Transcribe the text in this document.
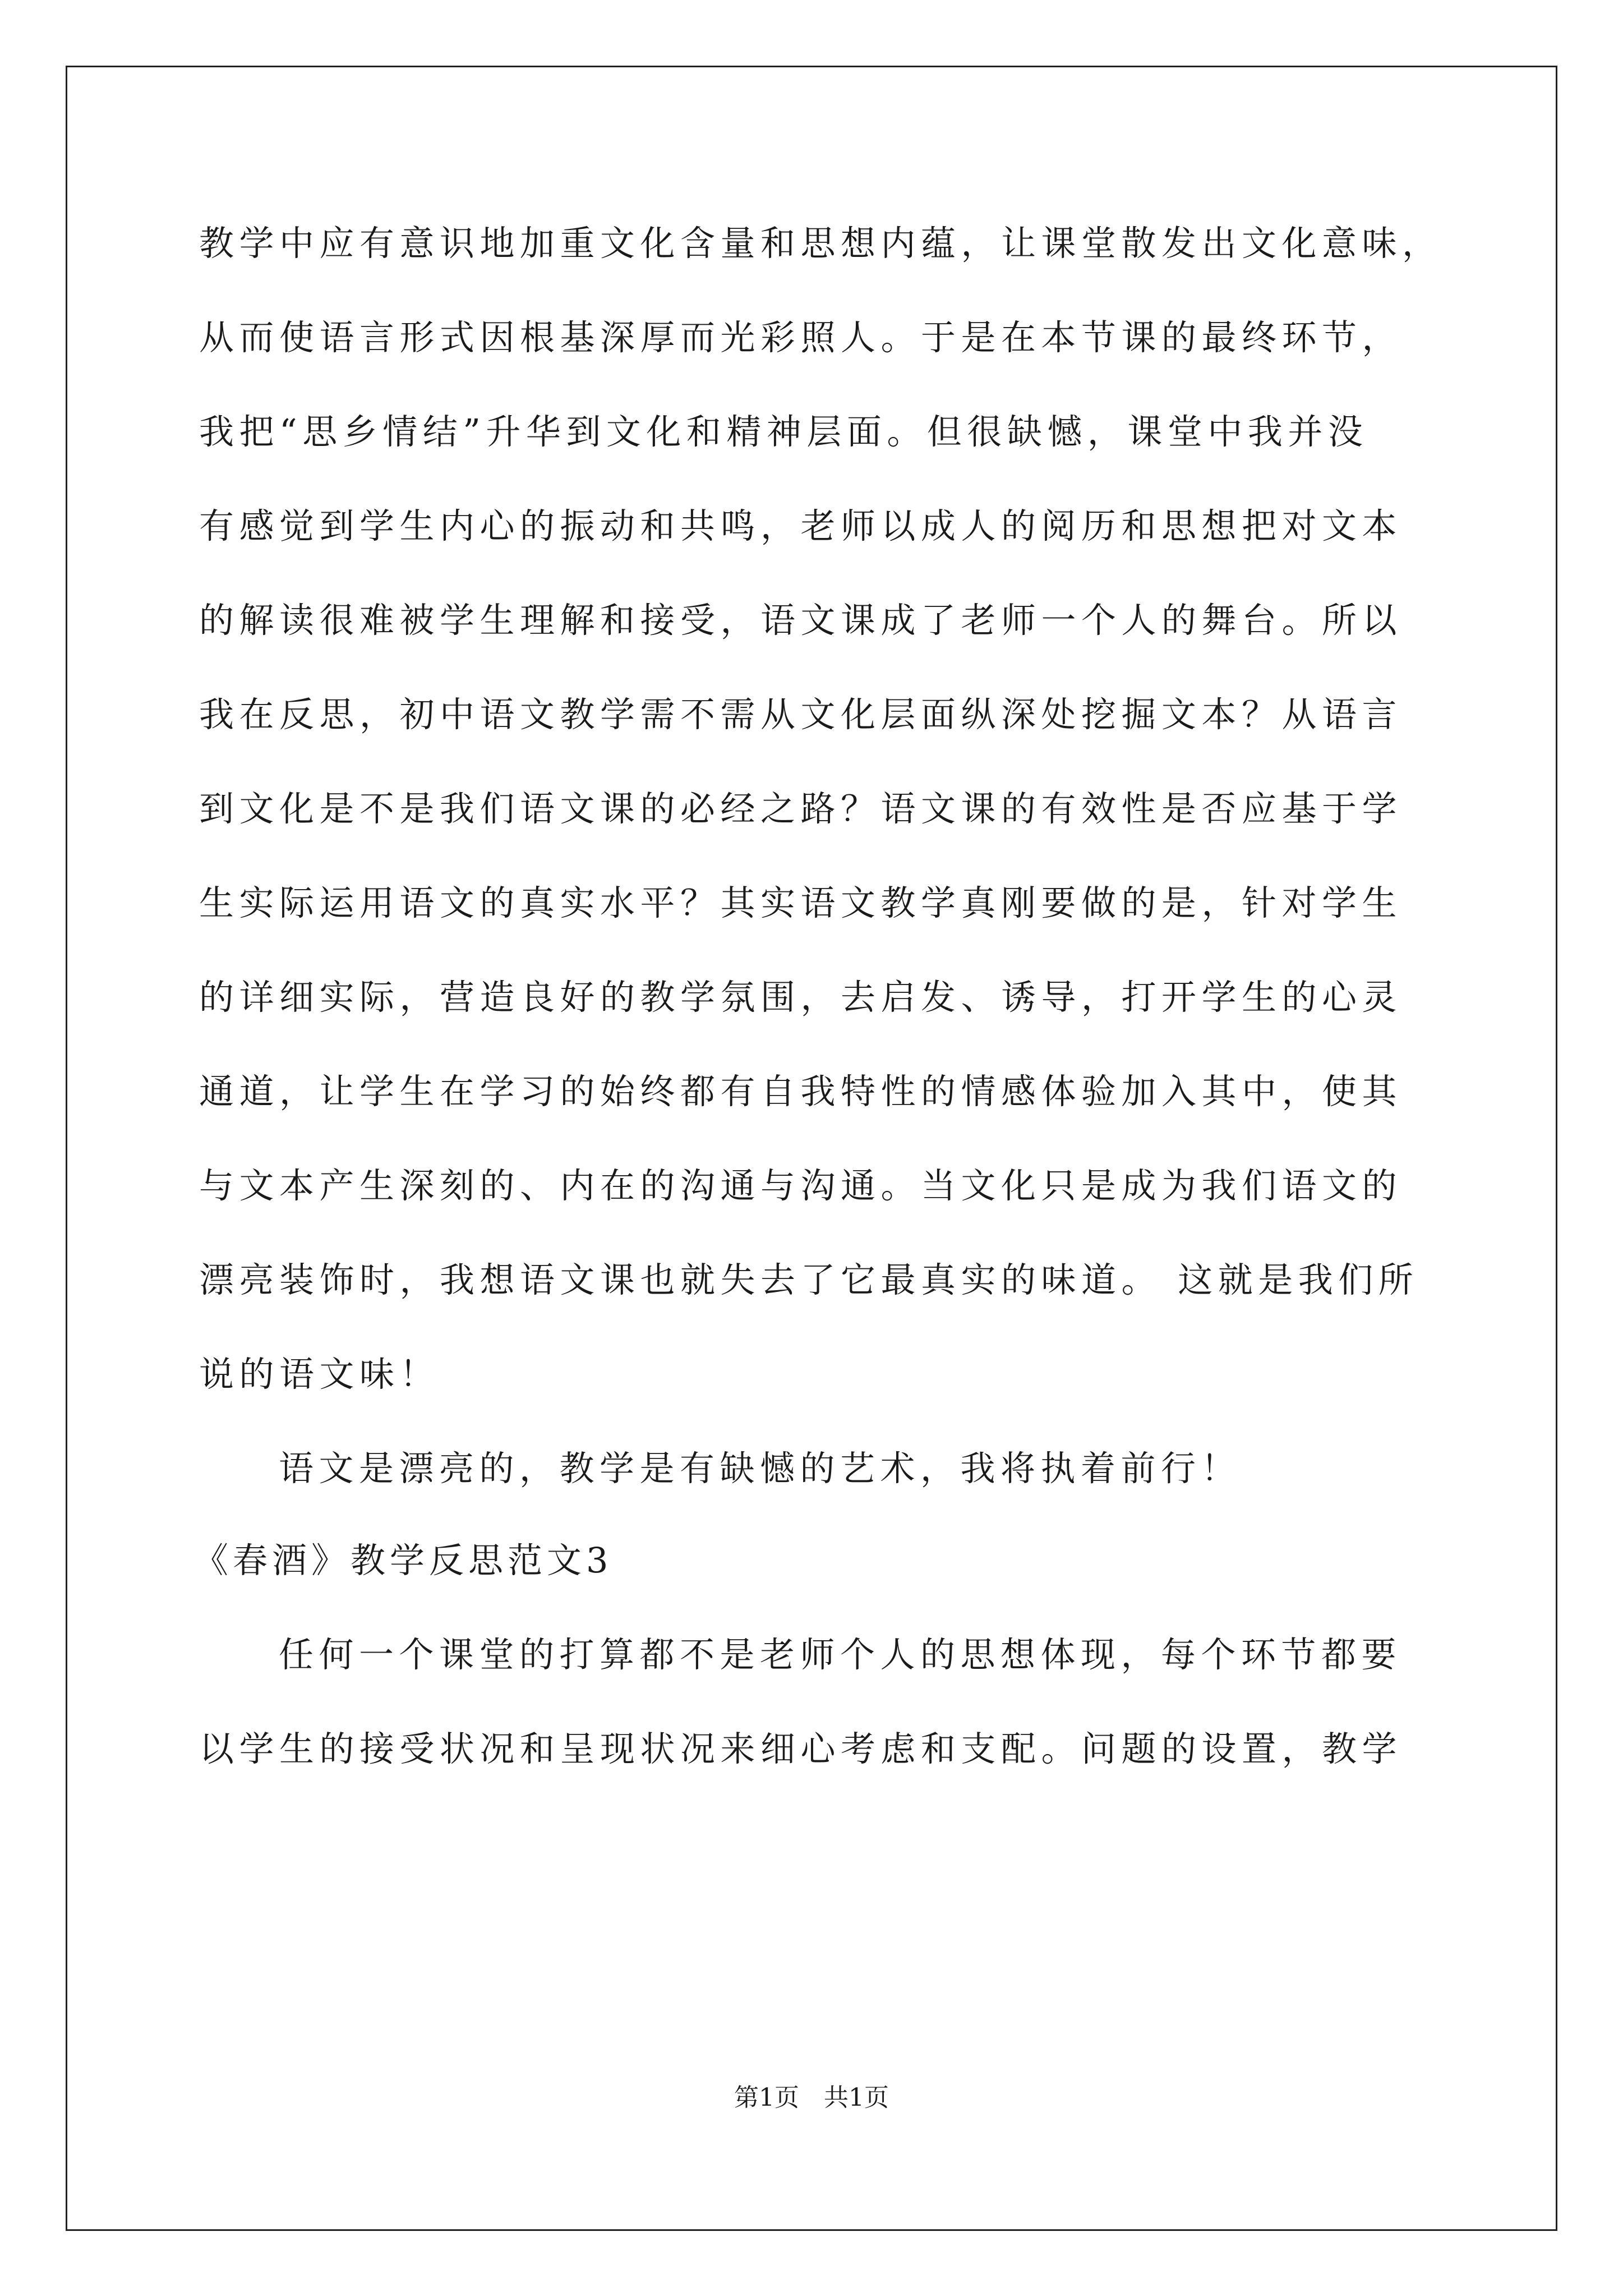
教学中应有意识地加重文化含量和思想内蕴，让课堂散发出文化意味，
从而使语言形式因根基深厚而光彩照人。于是在本节课的最终环节，
我把“思乡情结”升华到文化和精神层面。但很缺憾，课堂中我并没
有感觉到学生内心的振动和共鸣，老师以成人的阅历和思想把对文本
的解读很难被学生理解和接受，语文课成了老师一个人的舞台。所以
我在反思，初中语文教学需不需从文化层面纵深处挖掘文本？从语言
到文化是不是我们语文课的必经之路？语文课的有效性是否应基于学
生实际运用语文的真实水平？其实语文教学真刚要做的是，针对学生
的详细实际，营造良好的教学氛围，去启发、诱导，打开学生的心灵
通道，让学生在学习的始终都有自我特性的情感体验加入其中，使其
与文本产生深刻的、内在的沟通与沟通。当文化只是成为我们语文的
漂亮装饰时，我想语文课也就失去了它最真实的味道。 这就是我们所
说的语文味！
语文是漂亮的，教学是有缺憾的艺术，我将执着前行！
《春酒》教学反思范文3
任何一个课堂的打算都不是老师个人的思想体现，每个环节都要
以学生的接受状况和呈现状况来细心考虑和支配。问题的设置，教学
第1页　共1页
